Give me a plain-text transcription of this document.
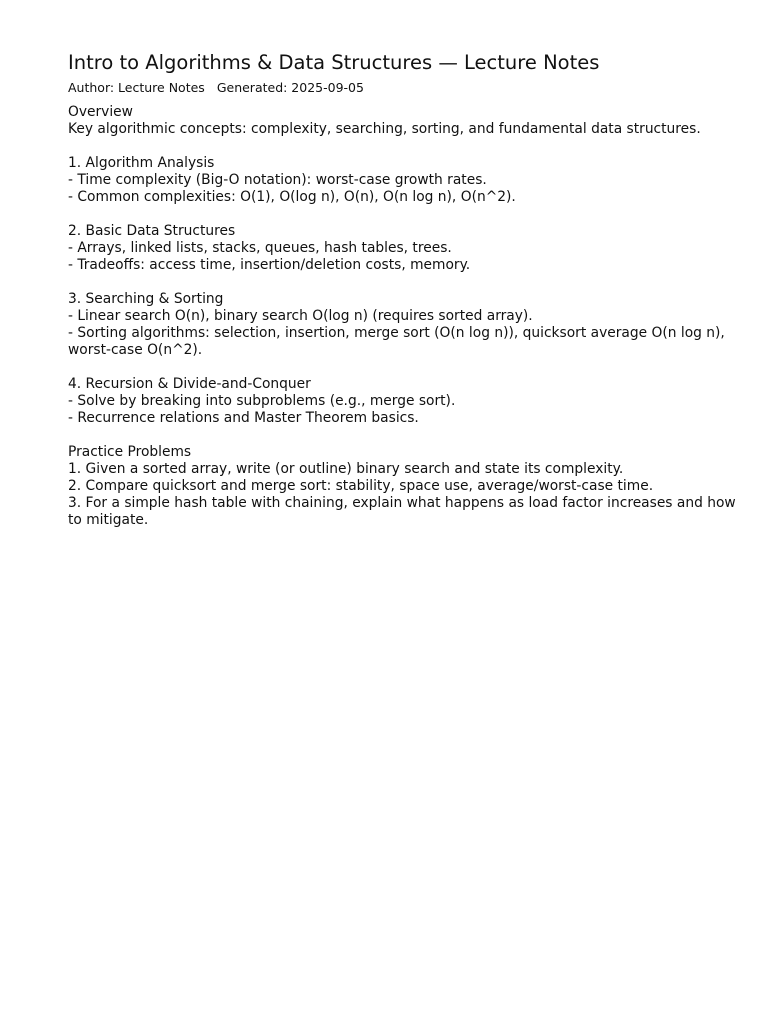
Intro to Algorithms & Data Structures — Lecture Notes
Author: Lecture Notes Generated: 2025-09-05
Overview
Key algorithmic concepts: complexity, searching, sorting, and fundamental data structures.
1. Algorithm Analysis
- Time complexity (Big-O notation): worst-case growth rates.
- Common complexities: O(1), O(log n), O(n), O(n log n), O(n^2).
2. Basic Data Structures
- Arrays, linked lists, stacks, queues, hash tables, trees.
- Tradeoffs: access time, insertion/deletion costs, memory.
3. Searching & Sorting
- Linear search O(n), binary search O(log n) (requires sorted array).
- Sorting algorithms: selection, insertion, merge sort (O(n log n)), quicksort average O(n log n), worst-case O(n^2).
4. Recursion & Divide-and-Conquer
- Solve by breaking into subproblems (e.g., merge sort).
- Recurrence relations and Master Theorem basics.
Practice Problems
1. Given a sorted array, write (or outline) binary search and state its complexity.
2. Compare quicksort and merge sort: stability, space use, average/worst-case time.
3. For a simple hash table with chaining, explain what happens as load factor increases and how to mitigate.
